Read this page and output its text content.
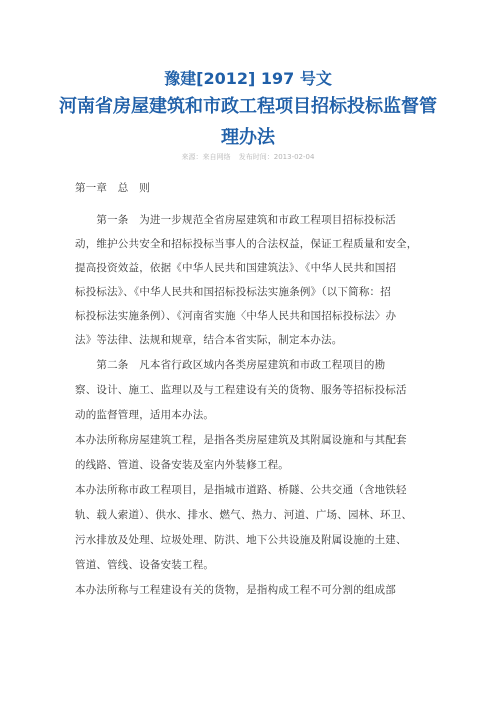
豫建[2012] 197 号文
河南省房屋建筑和市政工程项目招标投标监督管
理办法
来源：来自网络 发布时间：2013-02-04
第一章　总　则
　　第一条　为进一步规范全省房屋建筑和市政工程项目招标投标活
动，维护公共安全和招标投标当事人的合法权益，保证工程质量和安全，
提高投资效益，依据《中华人民共和国建筑法》、《中华人民共和国招
标投标法》、《中华人民共和国招标投标法实施条例》（以下简称：招
标投标法实施条例）、《河南省实施〈中华人民共和国招标投标法〉办
法》等法律、法规和规章，结合本省实际，制定本办法。
　　第二条　凡本省行政区域内各类房屋建筑和市政工程项目的勘
察、设计、施工、监理以及与工程建设有关的货物、服务等招标投标活
动的监督管理，适用本办法。
本办法所称房屋建筑工程，是指各类房屋建筑及其附属设施和与其配套
的线路、管道、设备安装及室内外装修工程。
本办法所称市政工程项目，是指城市道路、桥隧、公共交通（含地铁轻
轨、载人索道）、供水、排水、燃气、热力、河道、广场、园林、环卫、
污水排放及处理、垃圾处理、防洪、地下公共设施及附属设施的土建、
管道、管线、设备安装工程。
本办法所称与工程建设有关的货物，是指构成工程不可分割的组成部
